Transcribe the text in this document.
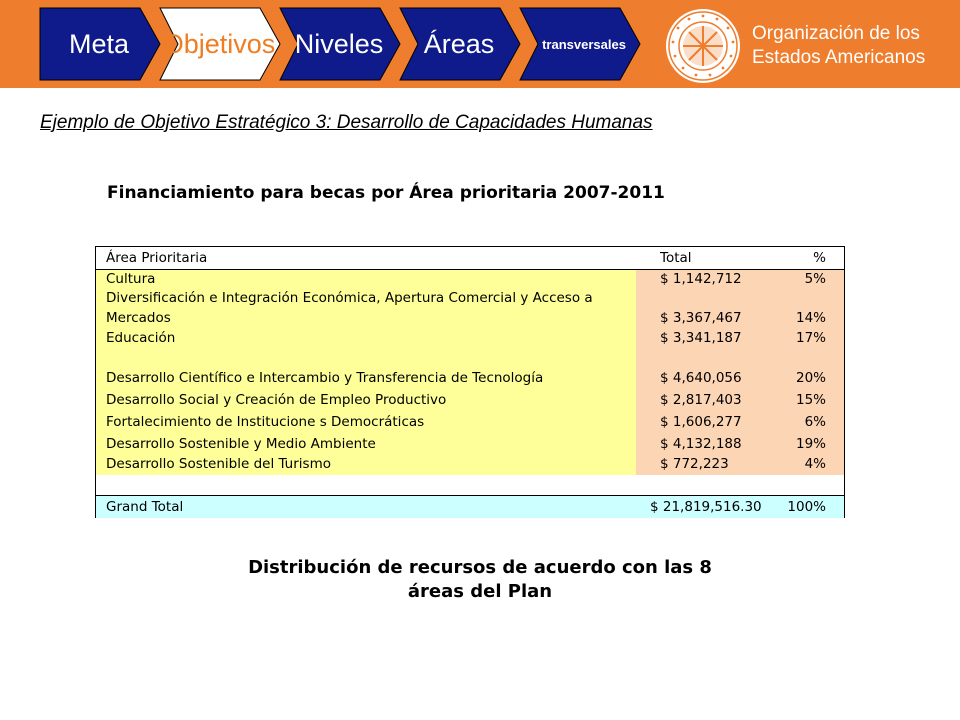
Meta	Objetivos Niveles	Áreas	transversales	Organización de los
Estados Americanos
Ejemplo de Objetivo Estratégico 3: Desarrollo de Capacidades Humanas
Financiamiento para becas por Área prioritaria 2007-2011
Área Prioritaria	Total	%
Cultura	$ 1,142,712	5%
Diversificación e Integración Económica, Apertura Comercial y Acceso a Mercados	$ 3,367,467	14%
Educación	$ 3,341,187	17%
Desarrollo Científico e Intercambio y Transferencia de Tecnología	$ 4,640,056	20%
Desarrollo Social y Creación de Empleo Productivo	$ 2,817,403	15%
Fortalecimiento de Institucione s Democráticas	$ 1,606,277	6%
Desarrollo Sostenible y Medio Ambiente	$ 4,132,188	19%
Desarrollo Sostenible del Turismo	$ 772,223	4%
Grand Total	$ 21,819,516.30 100%
Distribución de recursos de acuerdo con las 8
áreas del Plan
